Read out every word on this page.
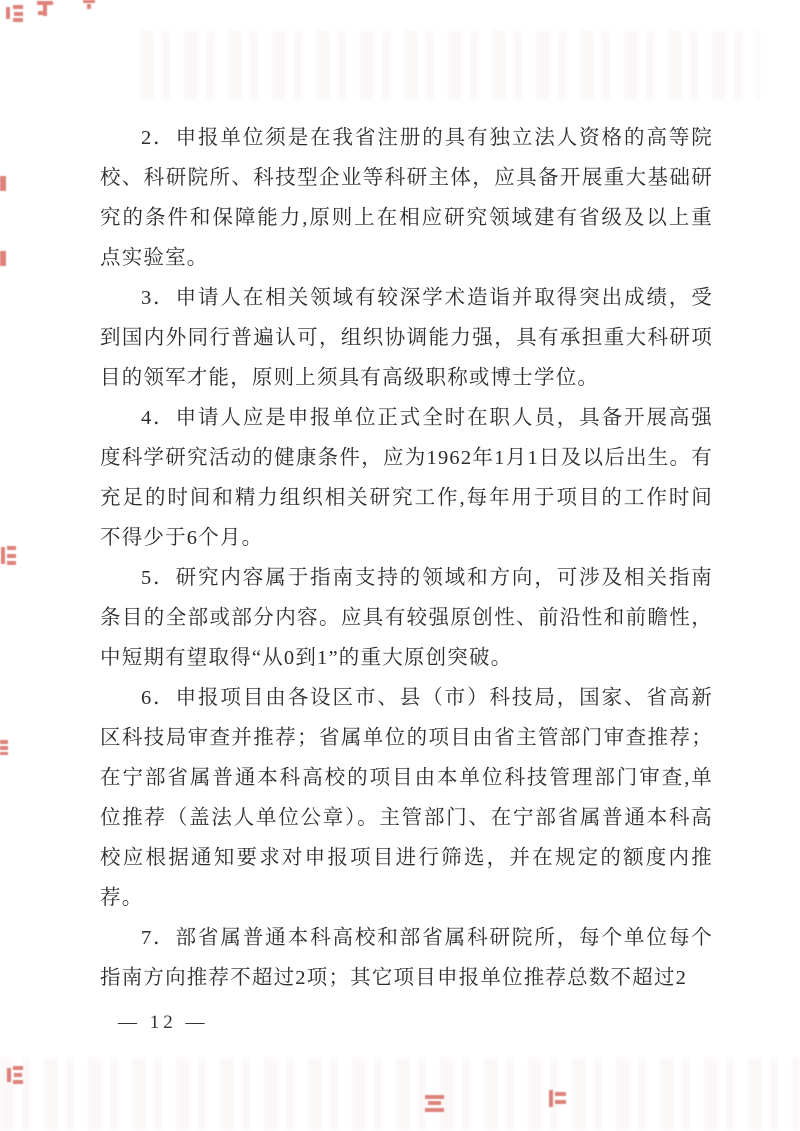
2．申报单位须是在我省注册的具有独立法人资格的高等院校、科研院所、科技型企业等科研主体，应具备开展重大基础研究的条件和保障能力,原则上在相应研究领域建有省级及以上重点实验室。

3．申请人在相关领域有较深学术造诣并取得突出成绩，受到国内外同行普遍认可，组织协调能力强，具有承担重大科研项目的领军才能，原则上须具有高级职称或博士学位。

4．申请人应是申报单位正式全时在职人员，具备开展高强度科学研究活动的健康条件，应为1962年1月1日及以后出生。有充足的时间和精力组织相关研究工作,每年用于项目的工作时间不得少于6个月。

5．研究内容属于指南支持的领域和方向，可涉及相关指南条目的全部或部分内容。应具有较强原创性、前沿性和前瞻性，中短期有望取得“从0到1”的重大原创突破。

6．申报项目由各设区市、县（市）科技局，国家、省高新区科技局审查并推荐；省属单位的项目由省主管部门审查推荐；在宁部省属普通本科高校的项目由本单位科技管理部门审查,单位推荐（盖法人单位公章）。主管部门、在宁部省属普通本科高校应根据通知要求对申报项目进行筛选，并在规定的额度内推荐。

7．部省属普通本科高校和部省属科研院所，每个单位每个指南方向推荐不超过2项；其它项目申报单位推荐总数不超过2

— 12 —
